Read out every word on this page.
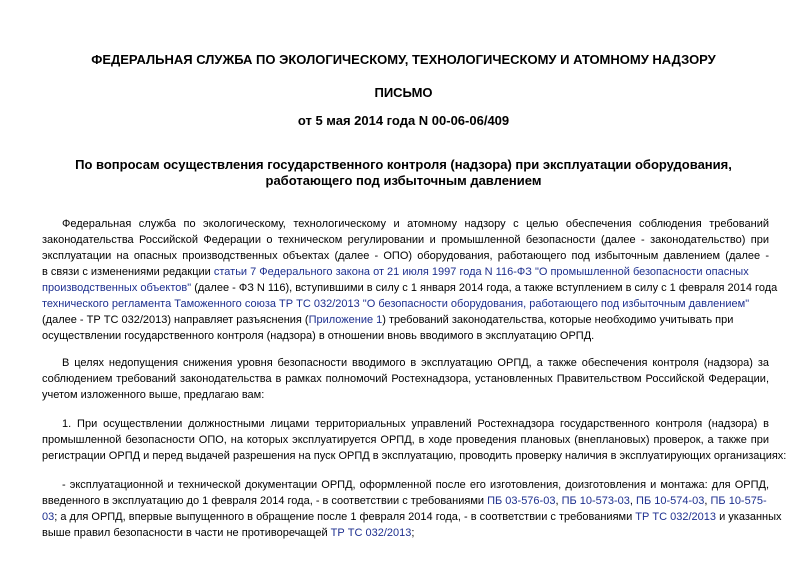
ФЕДЕРАЛЬНАЯ СЛУЖБА ПО ЭКОЛОГИЧЕСКОМУ, ТЕХНОЛОГИЧЕСКОМУ И АТОМНОМУ НАДЗОРУ
ПИСЬМО
от 5 мая 2014 года N 00-06-06/409
По вопросам осуществления государственного контроля (надзора) при эксплуатации оборудования,
работающего под избыточным давлением
Федеральная служба по экологическому, технологическому и атомному надзору с целью обеспечения соблюдения требований
законодательства Российской Федерации о техническом регулировании и промышленной безопасности (далее - законодательство) при
эксплуатации на опасных производственных объектах (далее - ОПО) оборудования, работающего под избыточным давлением (далее -
в связи с изменениями редакции статьи 7 Федерального закона от 21 июля 1997 года N 116-ФЗ "О промышленной безопасности опасных
производственных объектов" (далее - ФЗ N 116), вступившими в силу с 1 января 2014 года, а также вступлением в силу с 1 февраля 2014 года
технического регламента Таможенного союза ТР ТС 032/2013 "О безопасности оборудования, работающего под избыточным давлением"
(далее - ТР ТС 032/2013) направляет разъяснения (Приложение 1) требований законодательства, которые необходимо учитывать при
осуществлении государственного контроля (надзора) в отношении вновь вводимого в эксплуатацию ОРПД.
В целях недопущения снижения уровня безопасности вводимого в эксплуатацию ОРПД, а также обеспечения контроля (надзора) за
соблюдением требований законодательства в рамках полномочий Ростехнадзора, установленных Правительством Российской Федерации,
учетом изложенного выше, предлагаю вам:
1. При осуществлении должностными лицами территориальных управлений Ростехнадзора государственного контроля (надзора) в
промышленной безопасности ОПО, на которых эксплуатируется ОРПД, в ходе проведения плановых (внеплановых) проверок, а также при
регистрации ОРПД и перед выдачей разрешения на пуск ОРПД в эксплуатацию, проводить проверку наличия в эксплуатирующих организациях:
- эксплуатационной и технической документации ОРПД, оформленной после его изготовления, доизготовления и монтажа: для ОРПД,
введенного в эксплуатацию до 1 февраля 2014 года, - в соответствии с требованиями ПБ 03-576-03, ПБ 10-573-03, ПБ 10-574-03, ПБ 10-575-
03; а для ОРПД, впервые выпущенного в обращение после 1 февраля 2014 года, - в соответствии с требованиями ТР ТС 032/2013 и указанных
выше правил безопасности в части не противоречащей ТР ТС 032/2013;
